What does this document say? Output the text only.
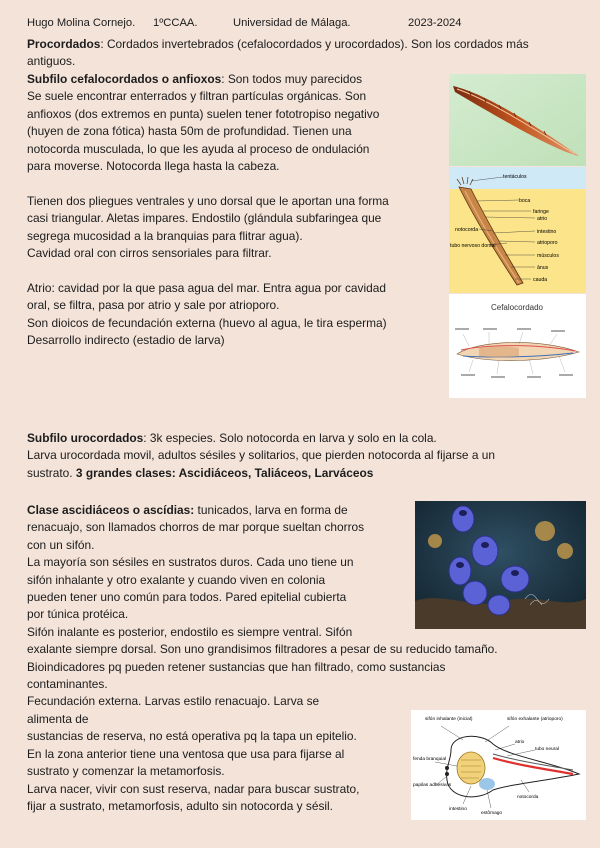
Hugo Molina Cornejo. 1ºCCAA.	Universidad de Málaga.	2023-2024

Procordados: Cordados invertebrados (cefalocordados y urocordados). Son los cordados más antiguos.

Subfilo cefalocordados o anfioxos: Son todos muy parecidos

Se suele encontrar enterrados y filtran partículas orgánicas. Son

anfioxos (dos extremos en punta) suelen tener fototropiso negativo

(huyen de zona fótica) hasta 50m de profundidad. Tienen una

notocorda musculada, lo que les ayuda al proceso de ondulación

para moverse. Notocorda llega hasta la cabeza.

Tienen dos pliegues ventrales y uno dorsal que le aportan una forma

casi triangular. Aletas impares. Endostilo (glándula subfaringea que

segrega mucosidad a la branquias para flitrar agua).

Cavidad oral con cirros sensoriales para filtrar.

Atrio: cavidad por la que pasa agua del mar. Entra agua por cavidad

oral, se filtra, pasa por atrio y sale por atrioporo.

Son dioicos de fecundación externa (huevo al agua, le tira esperma)

Desarrollo indirecto (estadio de larva)

tentáculos
boca
faringe
atrio
notocorda	intestino
tubo nervoso dorsal	atrioporo
músculos
ânus
cauda
Cefalocordado

Subfilo urocordados: 3k especies. Solo notocorda en larva y solo en la cola.

Larva urocordada movil, adultos sésiles y solitarios, que pierden notocorda al fijarse a un

sustrato. 3 grandes clases: Ascidiáceos, Taliáceos, Larváceos

Clase ascidiáceos o ascídias: tunicados, larva en forma de

renacuajo, son llamados chorros de mar porque sueltan chorros

con un sifón.

La mayoría son sésiles en sustratos duros. Cada uno tiene un

sifón inhalante y otro exalante y cuando viven en colonia

pueden tener uno común para todos. Pared epitelial cubierta

por túnica protéica.

Sifón inalante es posterior, endostilo es siempre ventral. Sifón

exalante siempre dorsal. Son uno grandisimos filtradores a pesar de su reducido tamaño.

Bioindicadores pq pueden retener sustancias que han filtrado, como sustancias

contaminantes.

Fecundación externa. Larvas estilo renacuajo. Larva se

alimenta de

sustancias de reserva, no está operativa pq la tapa un epitelio.

En la zona anterior tiene una ventosa que usa para fijarse al

sustrato y comenzar la metamorfosis.

Larva nacer, vivir con sust reserva, nadar para buscar sustrato,

fijar a sustrato, metamorfosis, adulto sin notocorda y sésil.

sifón inhalante (inicial)	sifón exhalante (atrioporo)
atrio
tubo neural
fenda branquial
papilas adhesivas
intestino
estômago
notocorda
